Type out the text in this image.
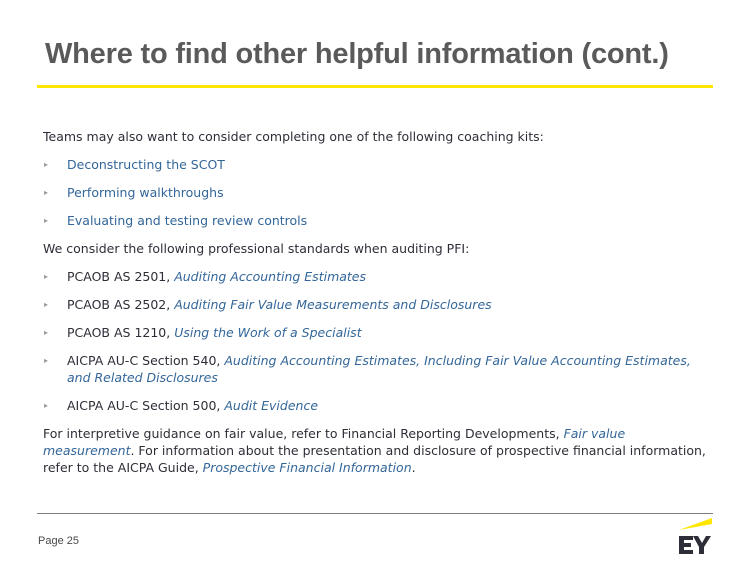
Where to find other helpful information (cont.)

Teams may also want to consider completing one of the following coaching kits:

▸ Deconstructing the SCOT
▸ Performing walkthroughs
▸ Evaluating and testing review controls

We consider the following professional standards when auditing PFI:

▸ PCAOB AS 2501, Auditing Accounting Estimates
▸ PCAOB AS 2502, Auditing Fair Value Measurements and Disclosures
▸ PCAOB AS 1210, Using the Work of a Specialist
▸ AICPA AU-C Section 540, Auditing Accounting Estimates, Including Fair Value Accounting Estimates, and Related Disclosures
▸ AICPA AU-C Section 500, Audit Evidence

For interpretive guidance on fair value, refer to Financial Reporting Developments, Fair value measurement. For information about the presentation and disclosure of prospective financial information, refer to the AICPA Guide, Prospective Financial Information.

Page 25
